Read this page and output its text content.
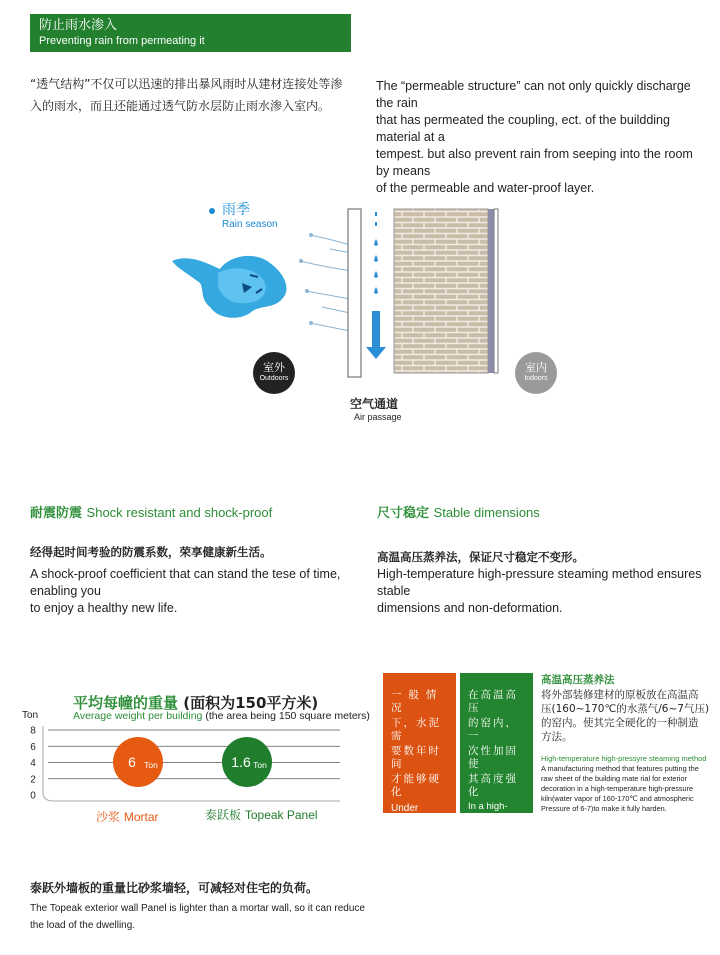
防止雨水渗入
Preventing rain from permeating it
“透气结构”不仅可以迅速的排出暴风雨时从建材连接处等渗
入的雨水，而且还能通过透气防水层防止雨水渗入室内。
The “permeable structure” can not only quickly discharge the rain
that has permeated the coupling, ect. of the buildding material at a
tempest. but also prevent rain from seeping into the room by means
of the permeable and water-proof layer.
室外
Outdoors
室内
Indoors
雨季
Rain season
空气通道
Air passage
耐震防震 Shock resistant and shock-proof
经得起时间考验的防震系数，荣享健康新生活。
A shock-proof coefficient that can stand the tese of time, enabling you
to enjoy a healthy new life.
尺寸稳定 Stable dimensions
高温高压蒸养法，保证尺寸稳定不变形。
High-temperature high-pressure steaming method ensures stable
dimensions and non-deformation.
平均每幢的重量 (面积为150平方米)
Average weight per building (the area being 150 square meters)
Ton
0
2
4
6
8
6 Ton	1.6 Ton
沙浆 Mortar	泰跃板 Topeak Panel
一 般 情 况
下，水泥需
要数年时间
才能够硬化
Under normal
conditions,it
will take years
for cement to
harden.
在高温高压
的窑内，一
次性加固使
其高度强化
In a high-
temperatute
high pressure
kiln,this reinforced
once-for all and
is highly
strengthened
高温高压蒸养法
将外部装修建材的原板放在高温高
压(160~170℃的水蒸气/6~7气压)
的窑内。使其完全硬化的一种制造
方法。
High-temperature high-pressyre steaming method
A manufacturing method that features putting the
raw sheet of the building mate rial for exterior
decoration in a high-temperature high-pressure
kiln(water vapor of 160-170℃ and atmospheric
Pressure of 6-7)to make it fully harden.
泰跃外墙板的重量比砂浆墙轻，可减轻对住宅的负荷。
The Topeak exterior wall Panel is lighter than a mortar wall, so it can reduce
the load of the dwelling.
